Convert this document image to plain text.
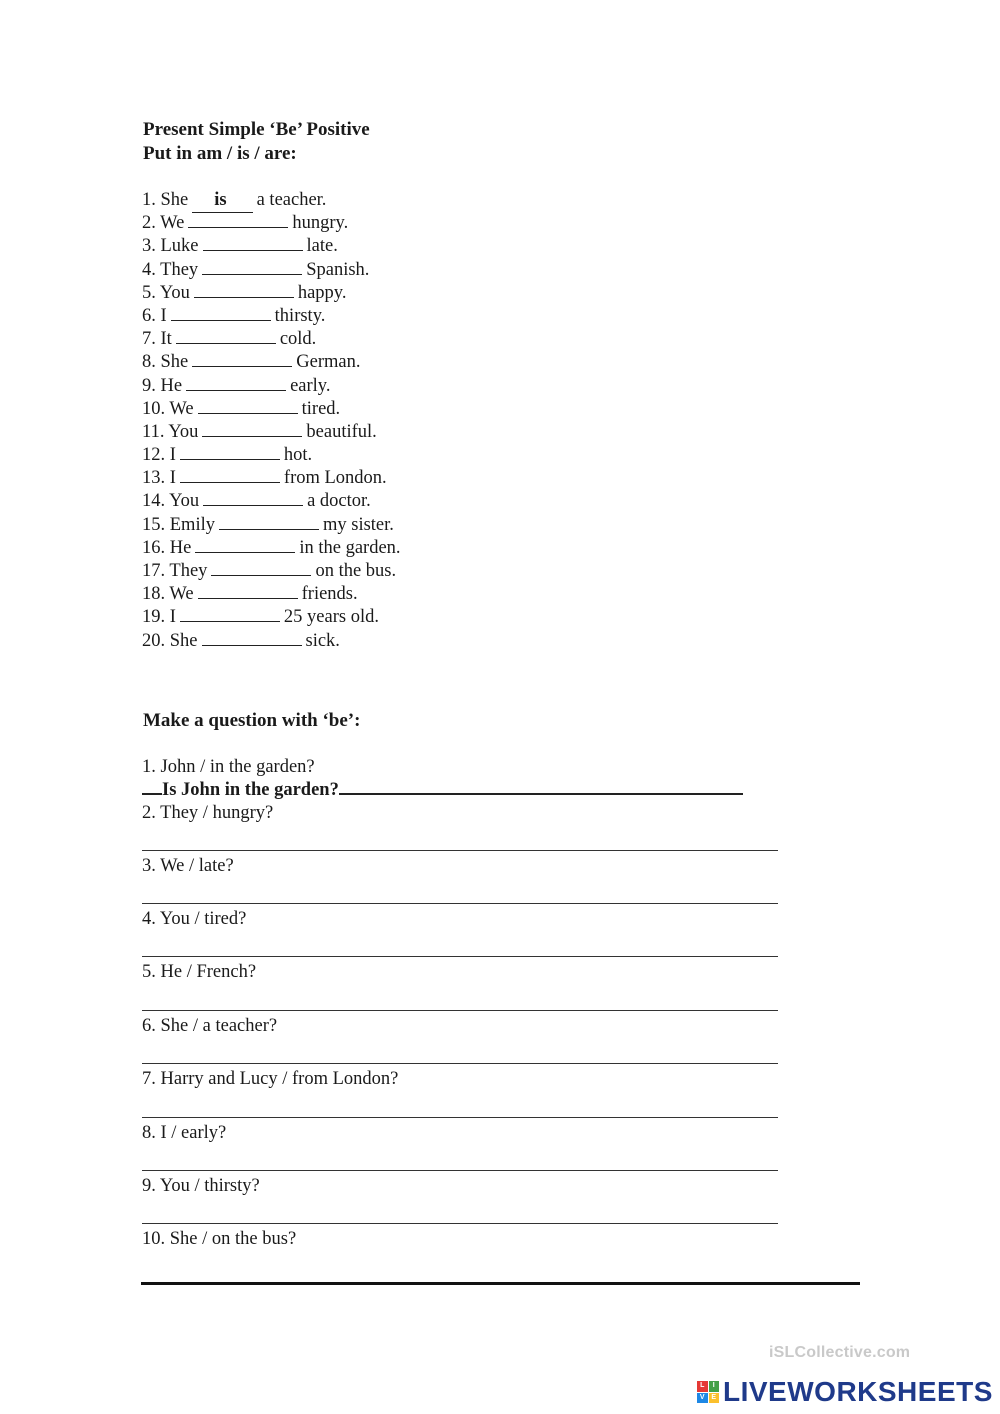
Present Simple ‘Be’ Positive
Put in am / is / are:
1. She is a teacher.
2. We	hungry.
3. Luke	late.
4. They	Spanish.
5. You	happy.
6. I	thirsty.
7. It	cold.
8. She	German.
9. He	early.
10. We	tired.
11. You	beautiful.
12. I	hot.
13. I	from London.
14. You	a doctor.
15. Emily	my sister.
16. He	in the garden.
17. They	on the bus.
18. We	friends.
19. I	25 years old.
20. She	sick.
Make a question with ‘be’:
1. John / in the garden?
2. They / hungry?
3. We / late?
4. You / tired?
5. He / French?
6. She / a teacher?
7. Harry and Lucy / from London?
8. I / early?
9. You / thirsty?
10. She / on the bus?
Is John in the garden?
iSLCollective.com
L	I
V E LIVEWORKSHEETS
